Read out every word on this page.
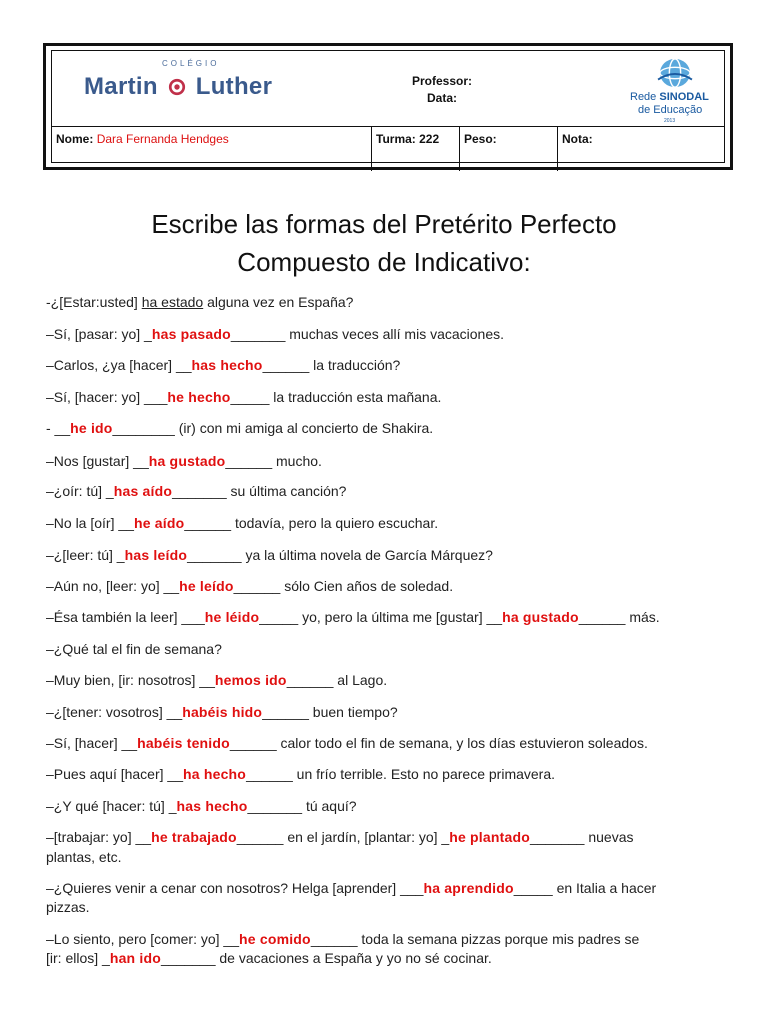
COLÉGIO
Martin Luther	Professor:
Data:	Rede SINODAL
de Educação
2013
Nome: Dara Fernanda Hendges	Turma: 222	Peso:	Nota:
Escribe las formas del Pretérito Perfecto
Compuesto de Indicativo:
-¿[Estar:usted] ha estado alguna vez en España?
–Sí, [pasar: yo] _has pasado_______ muchas veces allí mis vacaciones.
–Carlos, ¿ya [hacer] __has hecho______ la traducción?
–Sí, [hacer: yo] ___he hecho_____ la traducción esta mañana.
- __he ido________ (ir) con mi amiga al concierto de Shakira.
–Nos [gustar] __ha gustado______ mucho.
–¿oír: tú] _has aído_______ su última canción?
–No la [oír] __he aído______ todavía, pero la quiero escuchar.
–¿[leer: tú] _has leído_______ ya la última novela de García Márquez?
–Aún no, [leer: yo] __he leído______ sólo Cien años de soledad.
–Ésa también la leer] ___he léido_____ yo, pero la última me [gustar] __ha gustado______ más.
–¿Qué tal el fin de semana?
–Muy bien, [ir: nosotros] __hemos ido______ al Lago.
–¿[tener: vosotros] __habéis hido______ buen tiempo?
–Sí, [hacer] __habéis tenido______ calor todo el fin de semana, y los días estuvieron soleados.
–Pues aquí [hacer] __ha hecho______ un frío terrible. Esto no parece primavera.
–¿Y qué [hacer: tú] _has hecho_______ tú aquí?
–[trabajar: yo] __he trabajado______ en el jardín, [plantar: yo] _he plantado_______ nuevas
plantas, etc.
–¿Quieres venir a cenar con nosotros? Helga [aprender] ___ha aprendido_____ en Italia a hacer
pizzas.
–Lo siento, pero [comer: yo] __he comido______ toda la semana pizzas porque mis padres se
[ir: ellos] _han ido_______ de vacaciones a España y yo no sé cocinar.
